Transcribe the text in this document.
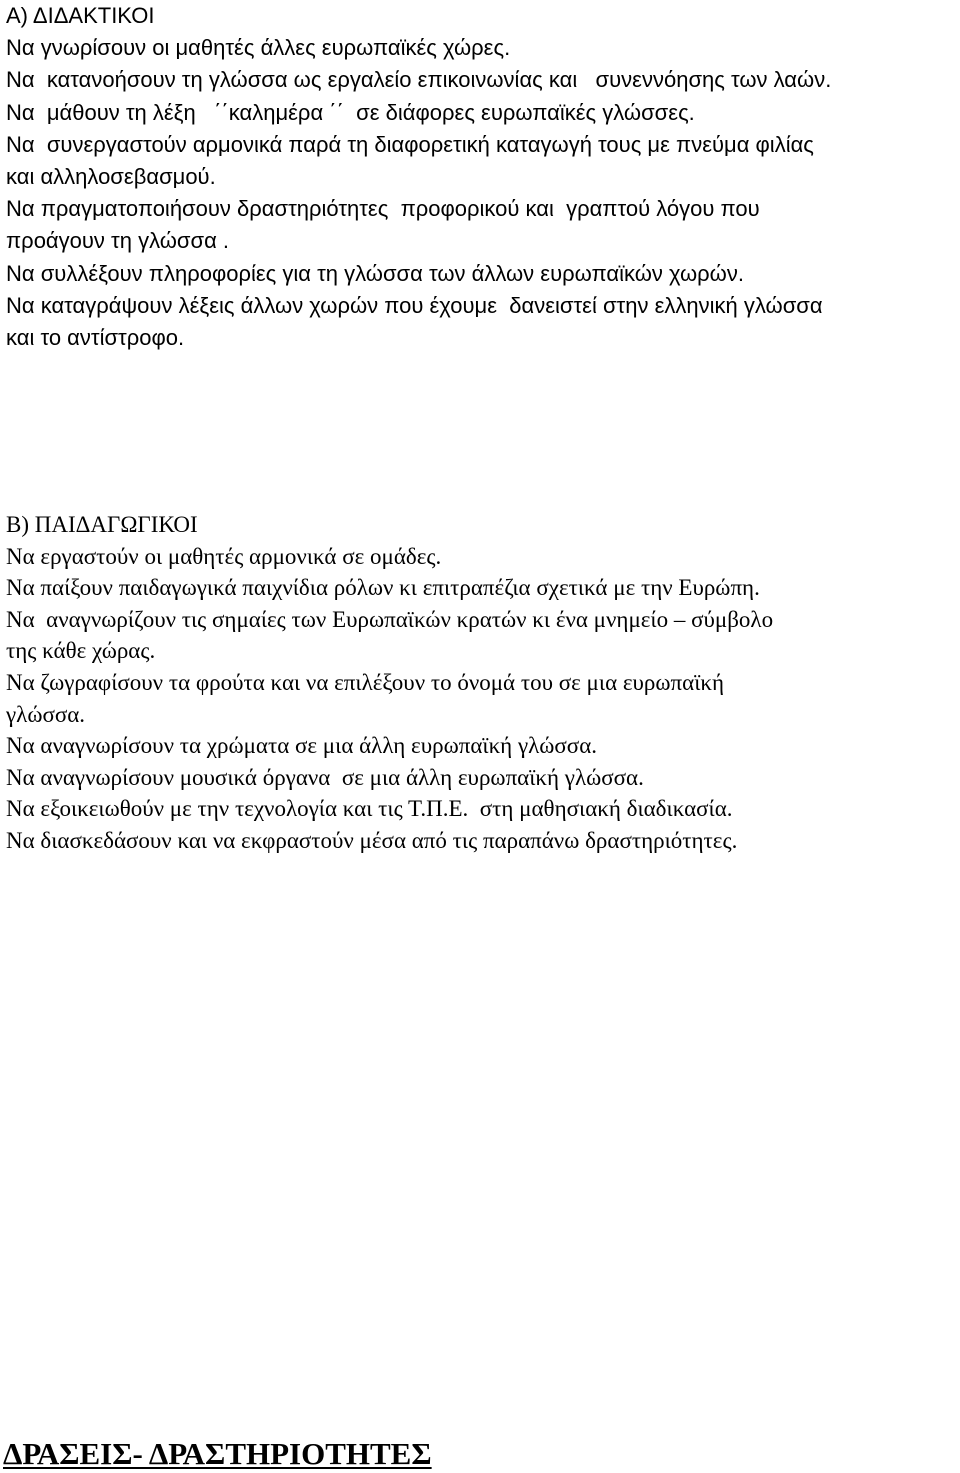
Α) ΔΙΔΑΚΤΙΚΟΙ

Να γνωρίσουν οι μαθητές άλλες ευρωπαϊκές χώρες.

Να  κατανοήσουν τη γλώσσα ως εργαλείο επικοινωνίας και   συνεννόησης των λαών.

Να  μάθουν τη λέξη   ΄΄καλημέρα ΄΄  σε διάφορες ευρωπαϊκές γλώσσες.

Να  συνεργαστούν αρμονικά παρά τη διαφορετική καταγωγή τους με πνεύμα φιλίας

και αλληλοσεβασμού.

Να πραγματοποιήσουν δραστηριότητες  προφορικού και  γραπτού λόγου που

προάγουν τη γλώσσα .

Να συλλέξουν πληροφορίες για τη γλώσσα των άλλων ευρωπαϊκών χωρών.

Να καταγράψουν λέξεις άλλων χωρών που έχουμε  δανειστεί στην ελληνική γλώσσα

και το αντίστροφο.

Β) ΠΑΙΔΑΓΩΓΙΚΟΙ

Να εργαστούν οι μαθητές αρμονικά σε ομάδες.

Να παίξουν παιδαγωγικά παιχνίδια ρόλων κι επιτραπέζια σχετικά με την Ευρώπη.

Να  αναγνωρίζουν τις σημαίες των Ευρωπαϊκών κρατών κι ένα μνημείο – σύμβολο

της κάθε χώρας.

Να ζωγραφίσουν τα φρούτα και να επιλέξουν το όνομά του σε μια ευρωπαϊκή

γλώσσα.

Να αναγνωρίσουν τα χρώματα σε μια άλλη ευρωπαϊκή γλώσσα.

Να αναγνωρίσουν μουσικά όργανα  σε μια άλλη ευρωπαϊκή γλώσσα.

Να εξοικειωθούν με την τεχνολογία και τις Τ.Π.Ε.  στη μαθησιακή διαδικασία.

Να διασκεδάσουν και να εκφραστούν μέσα από τις παραπάνω δραστηριότητες.

ΔΡΑΣΕΙΣ- ΔΡΑΣΤΗΡΙΟΤΗΤΕΣ
